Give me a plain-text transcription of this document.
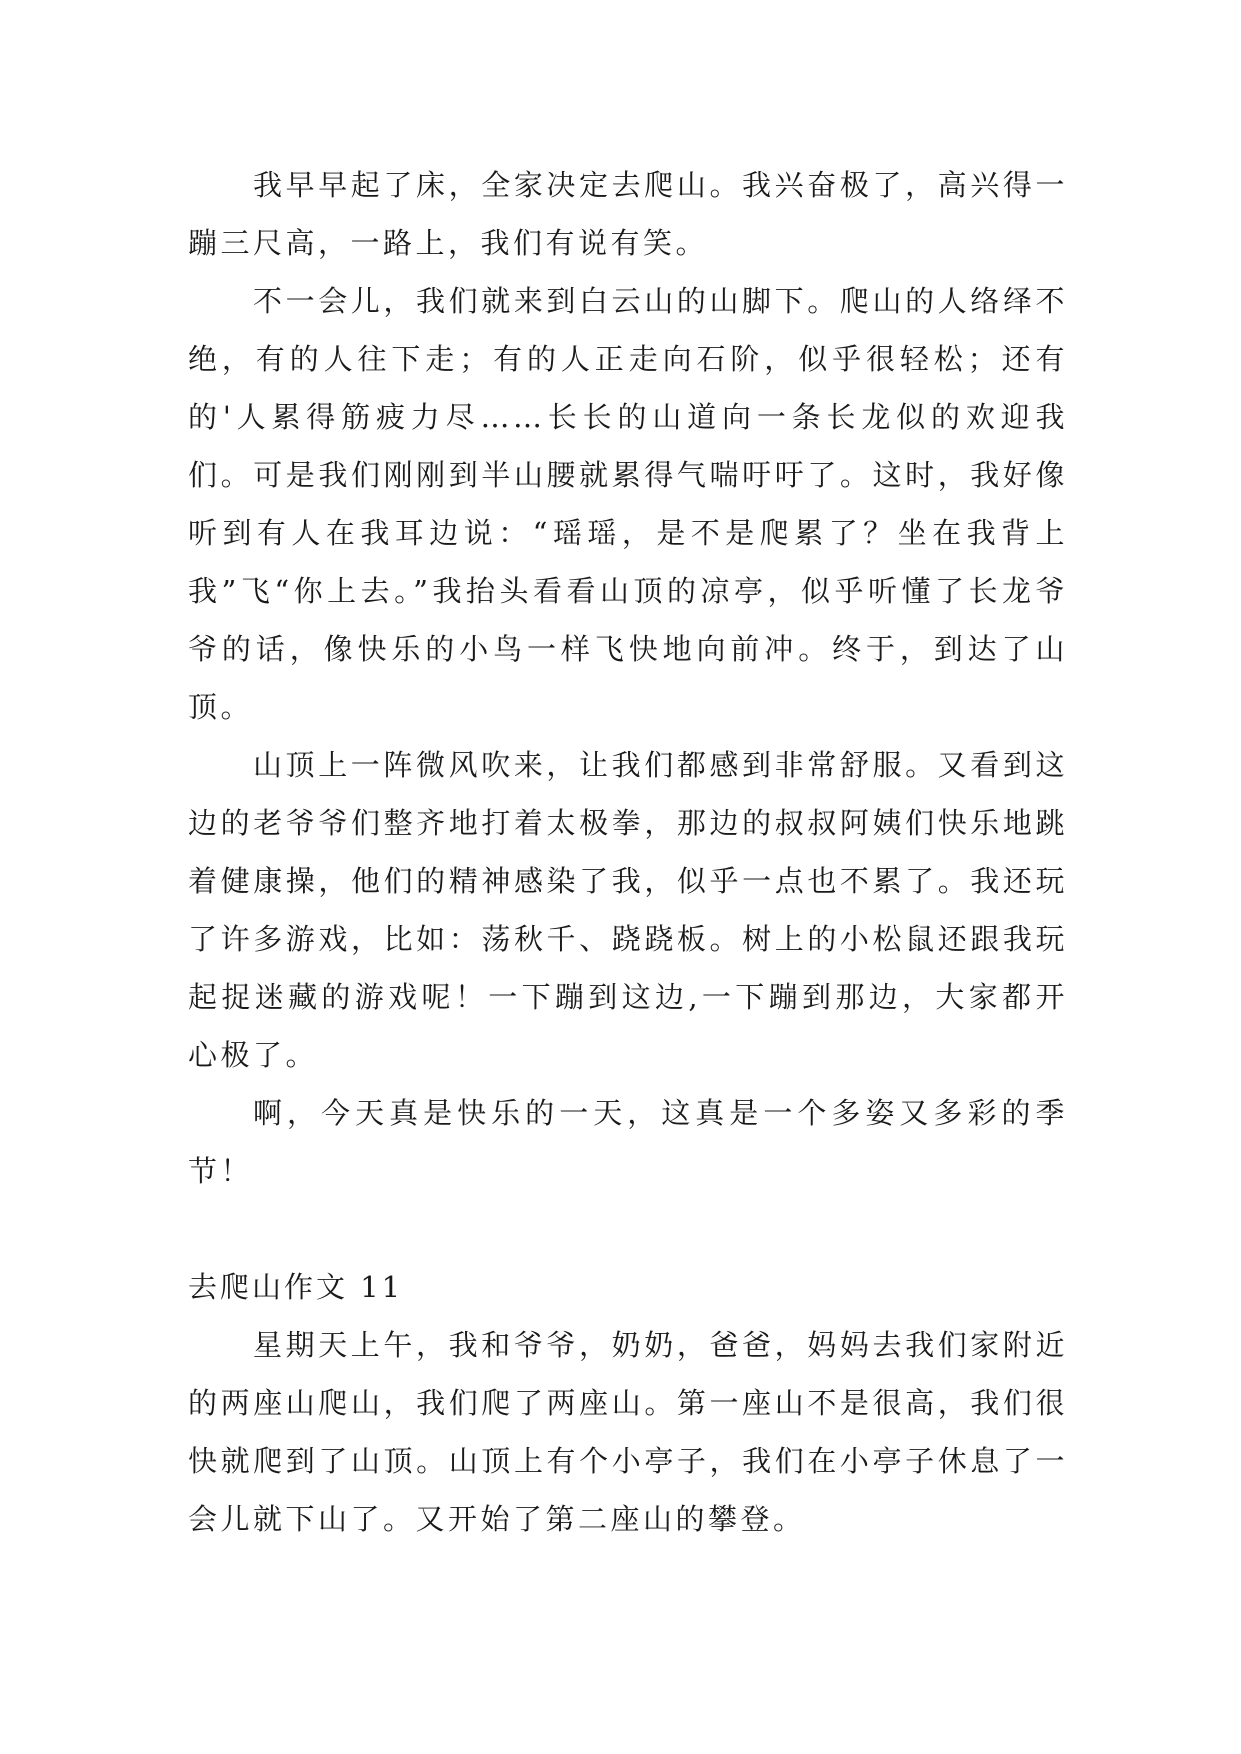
我早早起了床，全家决定去爬山。我兴奋极了，高兴得一蹦三尺高，一路上，我们有说有笑。

不一会儿，我们就来到白云山的山脚下。爬山的人络绎不绝，有的人往下走；有的人正走向石阶，似乎很轻松；还有的'人累得筋疲力尽……长长的山道向一条长龙似的欢迎我们。可是我们刚刚到半山腰就累得气喘吁吁了。这时，我好像听到有人在我耳边说：“瑶瑶，是不是爬累了？坐在我背上我”飞“你上去。”我抬头看看山顶的凉亭，似乎听懂了长龙爷爷的话，像快乐的小鸟一样飞快地向前冲。终于，到达了山顶。

山顶上一阵微风吹来，让我们都感到非常舒服。又看到这边的老爷爷们整齐地打着太极拳，那边的叔叔阿姨们快乐地跳着健康操，他们的精神感染了我，似乎一点也不累了。我还玩了许多游戏，比如：荡秋千、跷跷板。树上的小松鼠还跟我玩起捉迷藏的游戏呢！一下蹦到这边,一下蹦到那边，大家都开心极了。

啊，今天真是快乐的一天，这真是一个多姿又多彩的季节！

去爬山作文 11

星期天上午，我和爷爷，奶奶，爸爸，妈妈去我们家附近的两座山爬山，我们爬了两座山。第一座山不是很高，我们很快就爬到了山顶。山顶上有个小亭子，我们在小亭子休息了一会儿就下山了。又开始了第二座山的攀登。
